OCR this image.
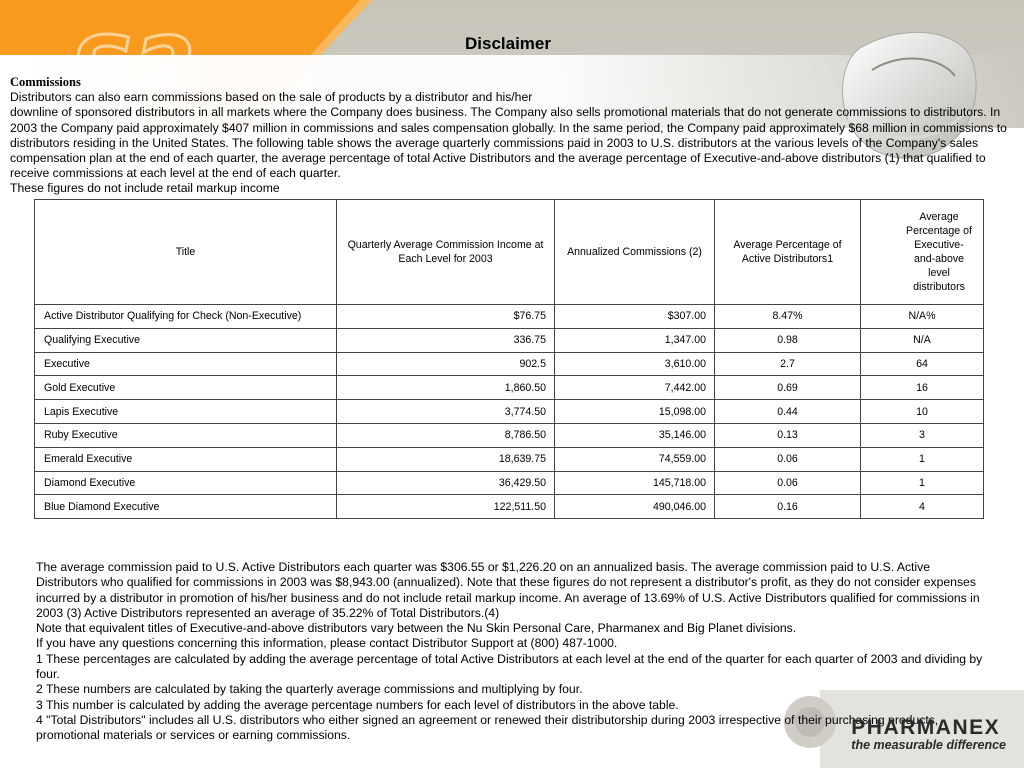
Disclaimer
Commissions
Distributors can also earn commissions based on the sale of products by a distributor and his/her
downline of sponsored distributors in all markets where the Company does business. The Company also sells promotional materials that do not generate commissions to distributors. In 2003 the Company paid approximately $407 million in commissions and sales compensation globally. In the same period, the Company paid approximately $68 million in commissions to distributors residing in the United States. The following table shows the average quarterly commissions paid in 2003 to U.S. distributors at the various levels of the Company's sales compensation plan at the end of each quarter, the average percentage of total Active Distributors and the average percentage of Executive-and-above distributors (1) that qualified to receive commissions at each level at the end of each quarter.
These figures do not include retail markup income
Title	Quarterly Average Commission Income at Each Level for 2003	Annualized Commissions (2)	Average Percentage of Active Distributors1	Average Percentage of Executive-and-above level distributors
Active Distributor Qualifying for Check (Non-Executive)	$76.75	$307.00	8.47%	N/A%
Qualifying Executive	336.75	1,347.00	0.98	N/A
Executive	902.5	3,610.00	2.7	64
Gold Executive	1,860.50	7,442.00	0.69	16
Lapis Executive	3,774.50	15,098.00	0.44	10
Ruby Executive	8,786.50	35,146.00	0.13	3
Emerald Executive	18,639.75	74,559.00	0.06	1
Diamond Executive	36,429.50	145,718.00	0.06	1
Blue Diamond Executive	122,511.50	490,046.00	0.16	4

The average commission paid to U.S. Active Distributors each quarter was $306.55 or $1,226.20 on an annualized basis. The average commission paid to U.S. Active Distributors who qualified for commissions in 2003 was $8,943.00 (annualized). Note that these figures do not represent a distributor's profit, as they do not consider expenses incurred by a distributor in promotion of his/her business and do not include retail markup income. An average of 13.69% of U.S. Active Distributors qualified for commissions in 2003 (3) Active Distributors represented an average of 35.22% of Total Distributors.(4)

Note that equivalent titles of Executive-and-above distributors vary between the Nu Skin Personal Care, Pharmanex and Big Planet divisions.

If you have any questions concerning this information, please contact Distributor Support at (800) 487-1000.

1 These percentages are calculated by adding the average percentage of total Active Distributors at each level at the end of the quarter for each quarter of 2003 and dividing by four.

2 These numbers are calculated by taking the quarterly average commissions and multiplying by four.

3 This number is calculated by adding the average percentage numbers for each level of distributors in the above table.

4 "Total Distributors" includes all U.S. distributors who either signed an agreement or renewed their distributorship during 2003 irrespective of their purchasing products, promotional materials or services or earning commissions.	PHARMANEX
the measurable difference
